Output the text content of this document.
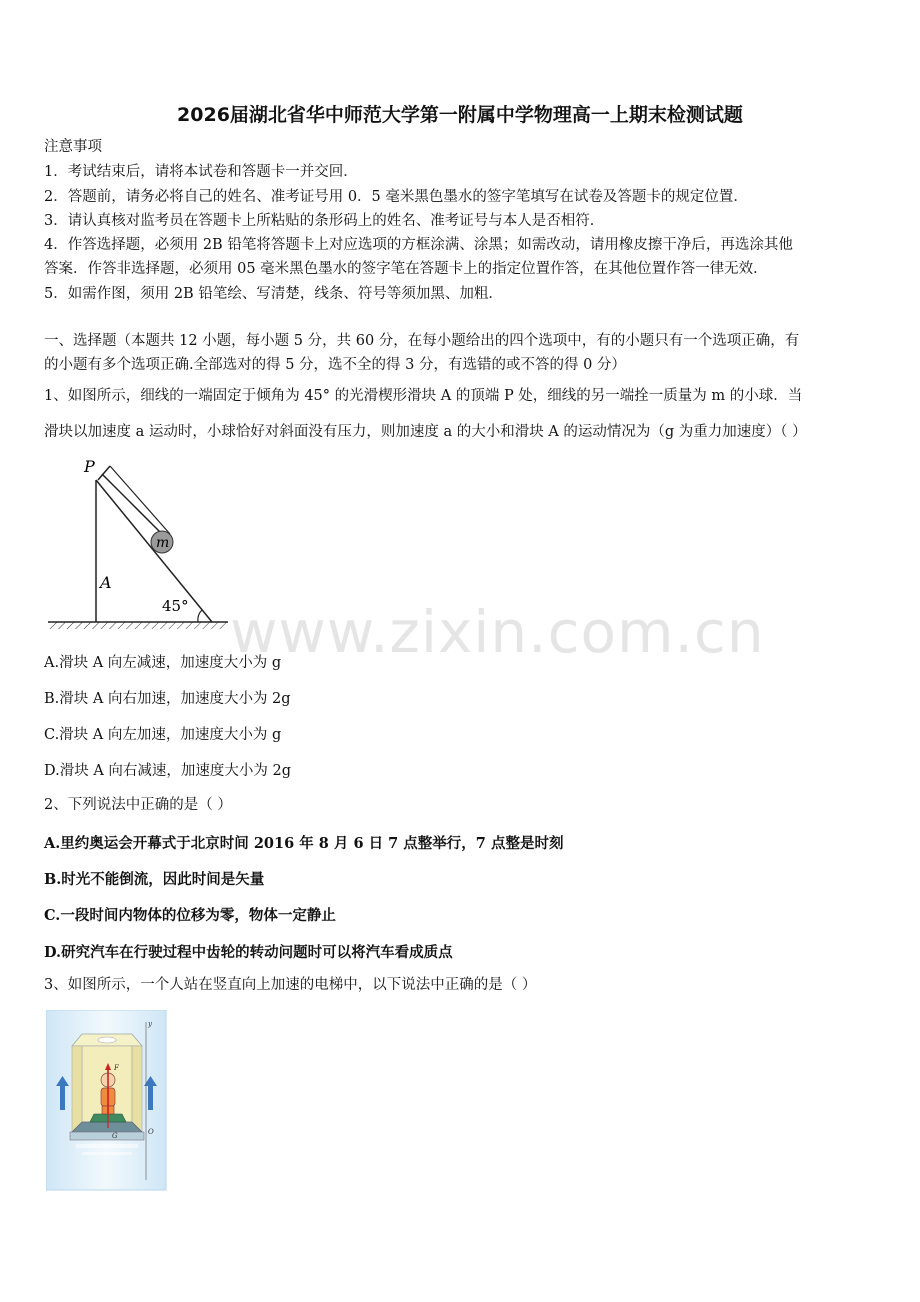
2026届湖北省华中师范大学第一附属中学物理高一上期末检测试题
注意事项
1．考试结束后，请将本试卷和答题卡一并交回．
2．答题前，请务必将自己的姓名、准考证号用 0．5 毫米黑色墨水的签字笔填写在试卷及答题卡的规定位置．
3．请认真核对监考员在答题卡上所粘贴的条形码上的姓名、准考证号与本人是否相符．
4．作答选择题，必须用 2B 铅笔将答题卡上对应选项的方框涂满、涂黑；如需改动，请用橡皮擦干净后，再选涂其他
答案．作答非选择题，必须用 05 毫米黑色墨水的签字笔在答题卡上的指定位置作答，在其他位置作答一律无效．
5．如需作图，须用 2B 铅笔绘、写清楚，线条、符号等须加黑、加粗．
一、选择题（本题共 12 小题，每小题 5 分，共 60 分，在每小题给出的四个选项中，有的小题只有一个选项正确，有
的小题有多个选项正确.全部选对的得 5 分，选不全的得 3 分，有选错的或不答的得 0 分）
1、如图所示，细线的一端固定于倾角为 45° 的光滑楔形滑块 A 的顶端 P 处，细线的另一端拴一质量为 m 的小球．当
滑块以加速度 a 运动时，小球恰好对斜面没有压力，则加速度 a 的大小和滑块 A 的运动情况为（g 为重力加速度）（ ）
m
P
A
45°
A.滑块 A 向左减速，加速度大小为 g
B.滑块 A 向右加速，加速度大小为 2g
C.滑块 A 向左加速，加速度大小为 g
D.滑块 A 向右减速，加速度大小为 2g
2、下列说法中正确的是（ ）
A.里约奥运会开幕式于北京时间 2016 年 8 月 6 日 7 点整举行，7 点整是时刻
B.时光不能倒流，因此时间是矢量
C.一段时间内物体的位移为零，物体一定静止
D.研究汽车在行驶过程中齿轮的转动问题时可以将汽车看成质点
3、如图所示，一个人站在竖直向上加速的电梯中，以下说法中正确的是（ ）
F
G
y
O
www.zixin.com.cn
